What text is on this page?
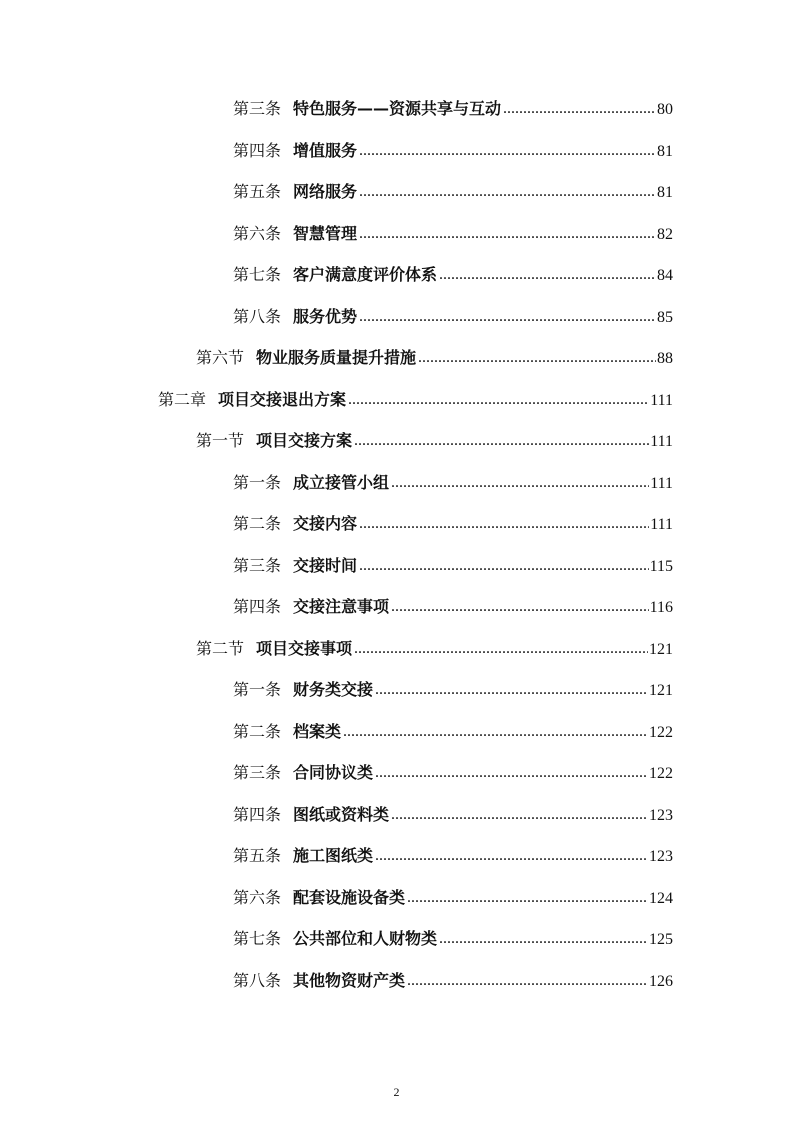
第三条 特色服务——资源共享与互动 .....	80
第四条 增值服务 .....	81
第五条 网络服务 .....	81
第六条 智慧管理 .....	82
第七条 客户满意度评价体系 .....	84
第八条 服务优势 .....	85
第六节 物业服务质量提升措施 .....	88
第二章 项目交接退出方案 .....	111
第一节 项目交接方案 .....	111
第一条 成立接管小组 .....	111
第二条 交接内容 .....	111
第三条 交接时间 .....	115
第四条 交接注意事项 .....	116
第二节 项目交接事项 .....	121
第一条 财务类交接 .....	121
第二条 档案类 .....	122
第三条 合同协议类 .....	122
第四条 图纸或资料类 .....	123
第五条 施工图纸类 .....	123
第六条 配套设施设备类 .....	124
第七条 公共部位和人财物类 .....	125
第八条 其他物资财产类 .....	126
2
